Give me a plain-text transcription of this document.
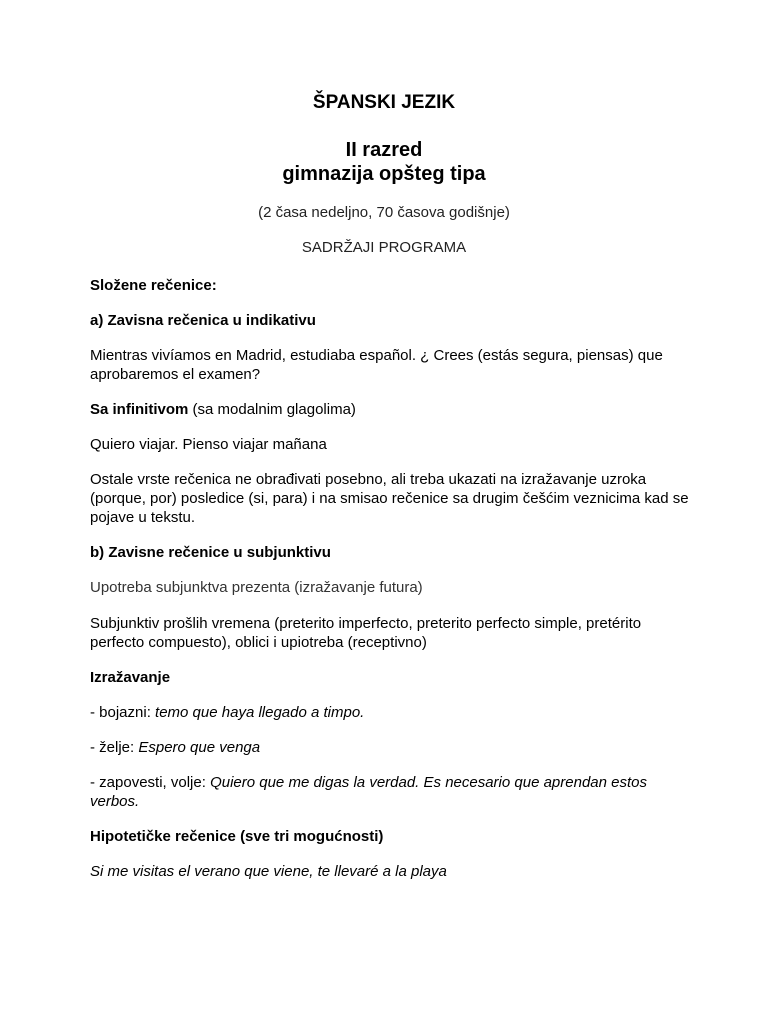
ŠPANSKI JEZIK
II razred
gimnazija opšteg tipa

(2 časa nedeljno, 70 časova godišnje)

SADRŽAJI PROGRAMA

Složene rečenice:

a) Zavisna rečenica u indikativu

Mientras vivíamos en Madrid, estudiaba español. ¿ Crees (estás segura, piensas) que aprobaremos el examen?

Sa infinitivom (sa modalnim glagolima)

Quiero viajar. Pienso viajar mañana

Ostale vrste rečenica ne obrađivati posebno, ali treba ukazati na izražavanje uzroka (porque, por) posledice (si, para) i na smisao rečenice sa drugim češćim veznicima kad se pojave u tekstu.

b) Zavisne rečenice u subjunktivu

Upotreba subjunktva prezenta (izražavanje futura)

Subjunktiv prošlih vremena (preterito imperfecto, preterito perfecto simple, pretérito perfecto compuesto), oblici i upiotreba (receptivno)

Izražavanje

- bojazni: temo que haya llegado a timpo.

- želje: Espero que venga

- zapovesti, volje: Quiero que me digas la verdad. Es necesario que aprendan estos verbos.

Hipotetičke rečenice (sve tri mogućnosti)

Si me visitas el verano que viene, te llevaré a la playa
